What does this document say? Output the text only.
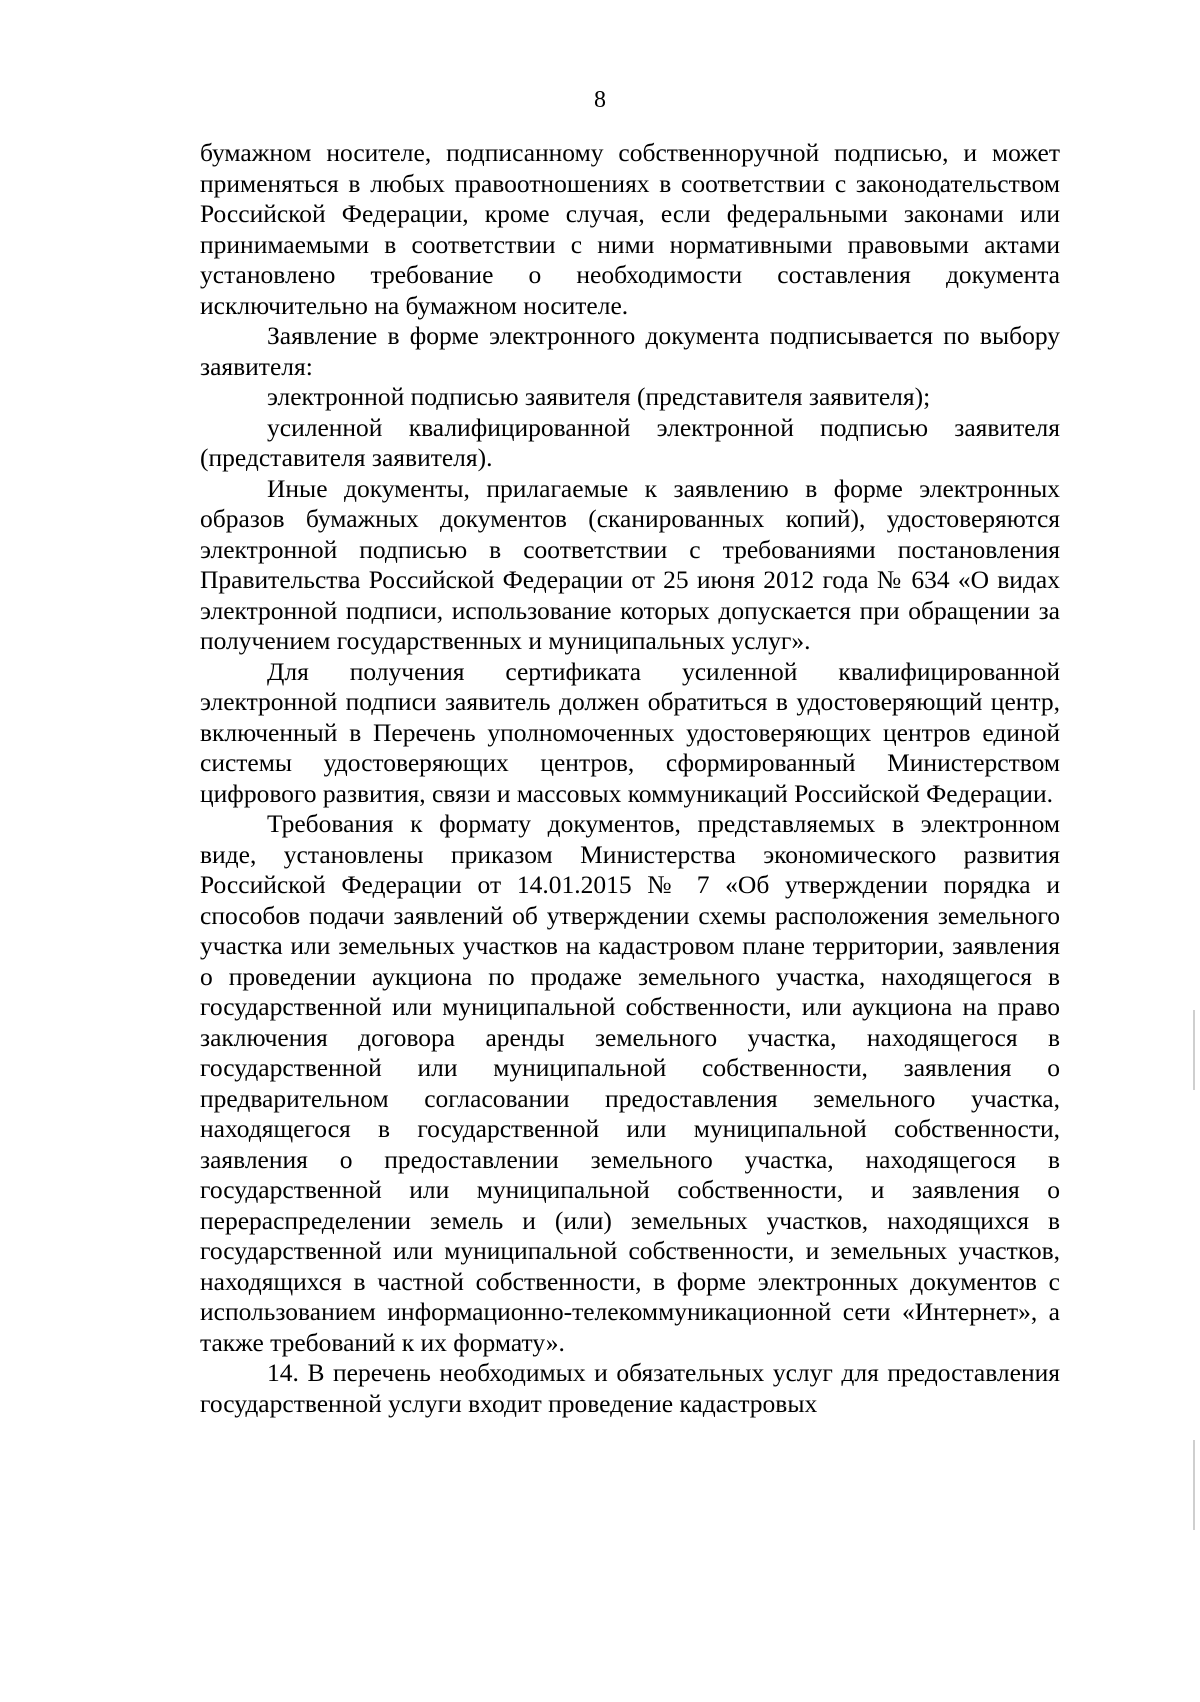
8

бумажном носителе, подписанному собственноручной подписью, и может применяться в любых правоотношениях в соответствии с законодательством Российской Федерации, кроме случая, если федеральными законами или принимаемыми в соответствии с ними нормативными правовыми актами установлено требование о необходимости составления документа исключительно на бумажном носителе.

Заявление в форме электронного документа подписывается по выбору заявителя:

электронной подписью заявителя (представителя заявителя);

усиленной квалифицированной электронной подписью заявителя (представителя заявителя).

Иные документы, прилагаемые к заявлению в форме электронных образов бумажных документов (сканированных копий), удостоверяются электронной подписью в соответствии с требованиями постановления Правительства Российской Федерации от 25 июня 2012 года № 634 «О видах электронной подписи, использование которых допускается при обращении за получением государственных и муниципальных услуг».

Для получения сертификата усиленной квалифицированной электронной подписи заявитель должен обратиться в удостоверяющий центр, включенный в Перечень уполномоченных удостоверяющих центров единой системы удостоверяющих центров, сформированный Министерством цифрового развития, связи и массовых коммуникаций Российской Федерации.

Требования к формату документов, представляемых в электронном виде, установлены приказом Министерства экономического развития Российской Федерации от 14.01.2015 № 7 «Об утверждении порядка и способов подачи заявлений об утверждении схемы расположения земельного участка или земельных участков на кадастровом плане территории, заявления о проведении аукциона по продаже земельного участка, находящегося в государственной или муниципальной собственности, или аукциона на право заключения договора аренды земельного участка, находящегося в государственной или муниципальной собственности, заявления о предварительном согласовании предоставления земельного участка, находящегося в государственной или муниципальной собственности, заявления о предоставлении земельного участка, находящегося в государственной или муниципальной собственности, и заявления о перераспределении земель и (или) земельных участков, находящихся в государственной или муниципальной собственности, и земельных участков, находящихся в частной собственности, в форме электронных документов с использованием информационно-телекоммуникационной сети «Интернет», а также требований к их формату».

14. В перечень необходимых и обязательных услуг для предоставления государственной услуги входит проведение кадастровых
